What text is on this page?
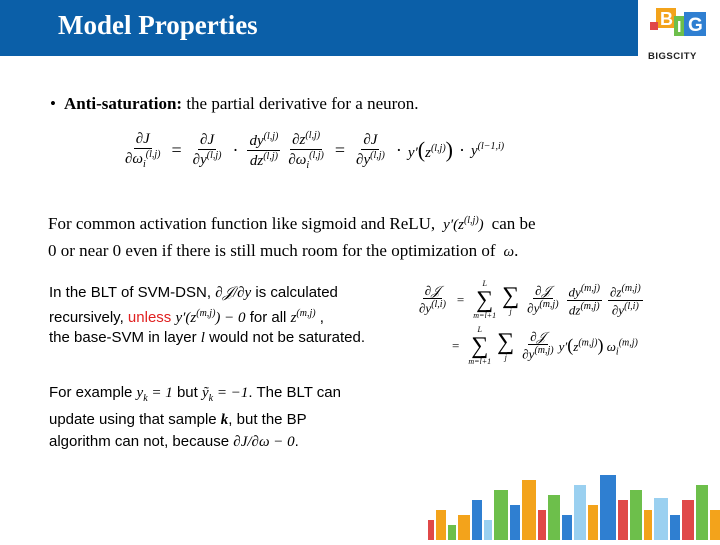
Model Properties	B I G
BIGSCITY
• Anti-saturation: the partial derivative for a neuron.
$\frac{\partial J}{\partial\omega_i^{(l,j)}} = \frac{\partial J}{\partial y^{(l,j)}} \cdot \frac{dy^{(l,j)}}{dz^{(l,j)}} \frac{\partial z^{(l,j)}}{\partial\omega_i^{(l,j)}} = \frac{\partial J}{\partial y^{(l,j)}} \cdot y'(z^{(l,j)}) \cdot y^{(l-1,i)}$
For common activation function like sigmoid and ReLU,  $y'(z^{(l,j)})$  can be
0 or near 0 even if there is still much room for the optimization of  ω.
In the BLT of SVM-DSN, ∂𝒥/∂y is calculated
recursively, unless $y'(z^{(m,j)}) - 0$ for all $z^{(m,j)}$ ,
the base-SVM in layer l would not be saturated.
$\frac{\text{∂𝒥}}{\partial y^{(l,i)}}$ =
L
∑
m=l+1
∑
j $\frac{\text{∂𝒥}}{\partial y^{(m,j)}} \frac{dy^{(m,j)}}{dz^{(m,j)}} \frac{\partial z^{(m,j)}}{\partial y^{(l,i)}}$
=
L
∑
m=l+1
∑
j $\frac{\text{∂𝒥}}{\partial y^{(m,j)}} y'(z^{(m,j)})$ $\omega_i^{(m,j)}$
For example $y_k = 1$ but ỹ$_k$ = −1. The BLT can
update using that sample k, but the BP
algorithm can not, because ∂J/∂ω − 0.
